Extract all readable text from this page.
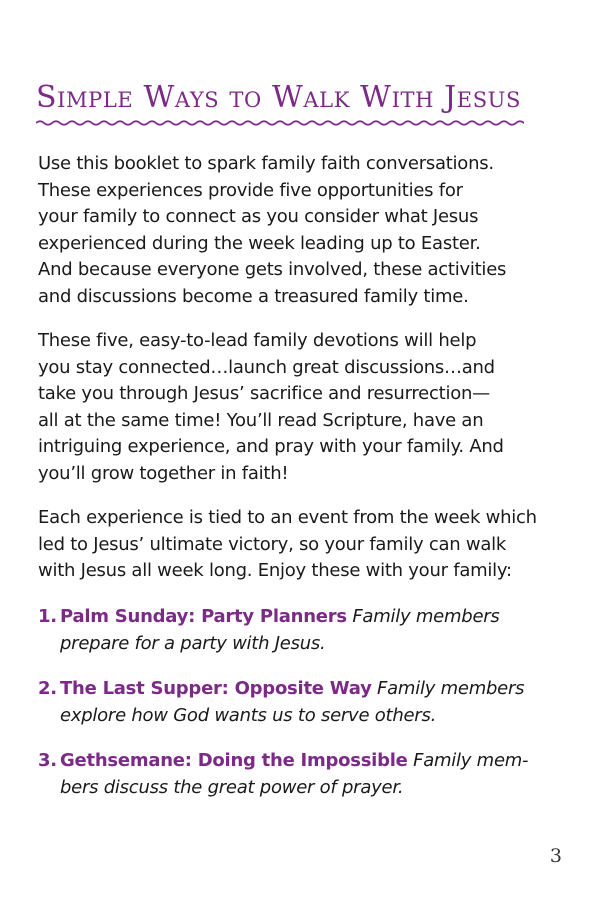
Simple Ways to Walk With Jesus

Use this booklet to spark family faith conversations.
These experiences provide five opportunities for
your family to connect as you consider what Jesus
experienced during the week leading up to Easter.
And because everyone gets involved, these activities
and discussions become a treasured family time.

These five, easy-to-lead family devotions will help
you stay connected…launch great discussions…and
take you through Jesus’ sacrifice and resurrection—
all at the same time! You’ll read Scripture, have an
intriguing experience, and pray with your family. And
you’ll grow together in faith!

Each experience is tied to an event from the week which
led to Jesus’ ultimate victory, so your family can walk
with Jesus all week long. Enjoy these with your family:

1. Palm Sunday: Party Planners Family members
prepare for a party with Jesus.
2. The Last Supper: Opposite Way Family members
explore how God wants us to serve others.
3. Gethsemane: Doing the Impossible Family mem-
bers discuss the great power of prayer.
3
